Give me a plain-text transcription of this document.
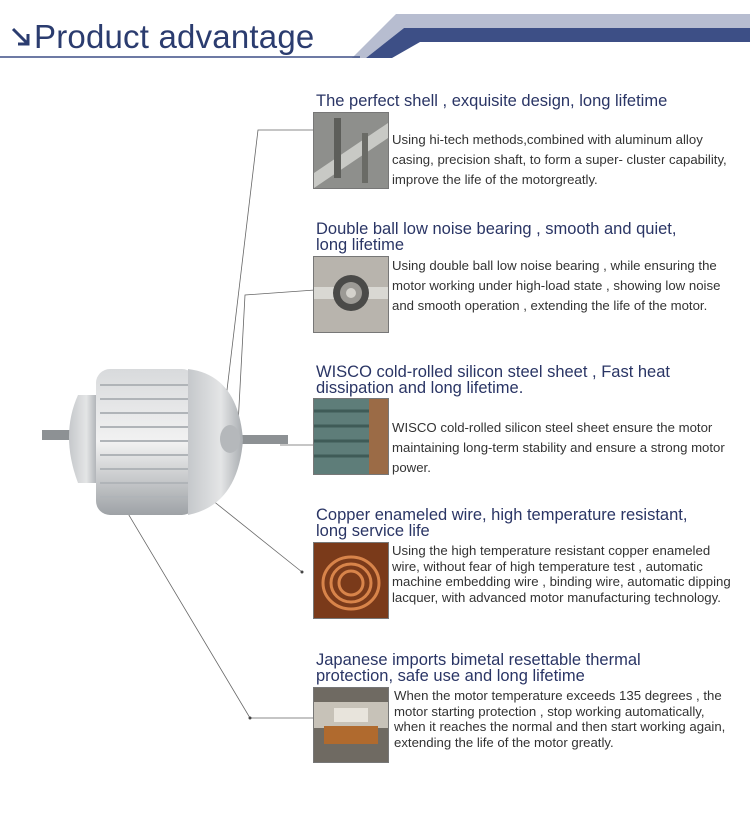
Product advantage
The perfect shell , exquisite design, long lifetime
Using hi-tech methods,combined with aluminum alloy casing, precision shaft, to form a super- cluster capability, improve the life of the motorgreatly.
Double ball low noise bearing , smooth and quiet,
long lifetime
Using double ball low noise bearing , while ensuring the motor working under high-load state , showing low noise and smooth operation , extending the life of the motor.
WISCO cold-rolled silicon steel sheet , Fast heat
dissipation and long lifetime.
WISCO cold-rolled silicon steel sheet ensure the motor maintaining long-term stability and ensure a strong motor power.
Copper enameled wire, high temperature resistant,
long service life
Using the high temperature resistant copper enameled wire, without fear of high temperature test , automatic machine embedding wire , binding wire, automatic dipping lacquer, with advanced motor manufacturing technology.
Japanese imports bimetal resettable thermal
protection, safe use and long lifetime
When the motor temperature exceeds 135 degrees , the motor starting protection , stop working automatically, when it reaches the normal and then start working again, extending the life of the motor greatly.
